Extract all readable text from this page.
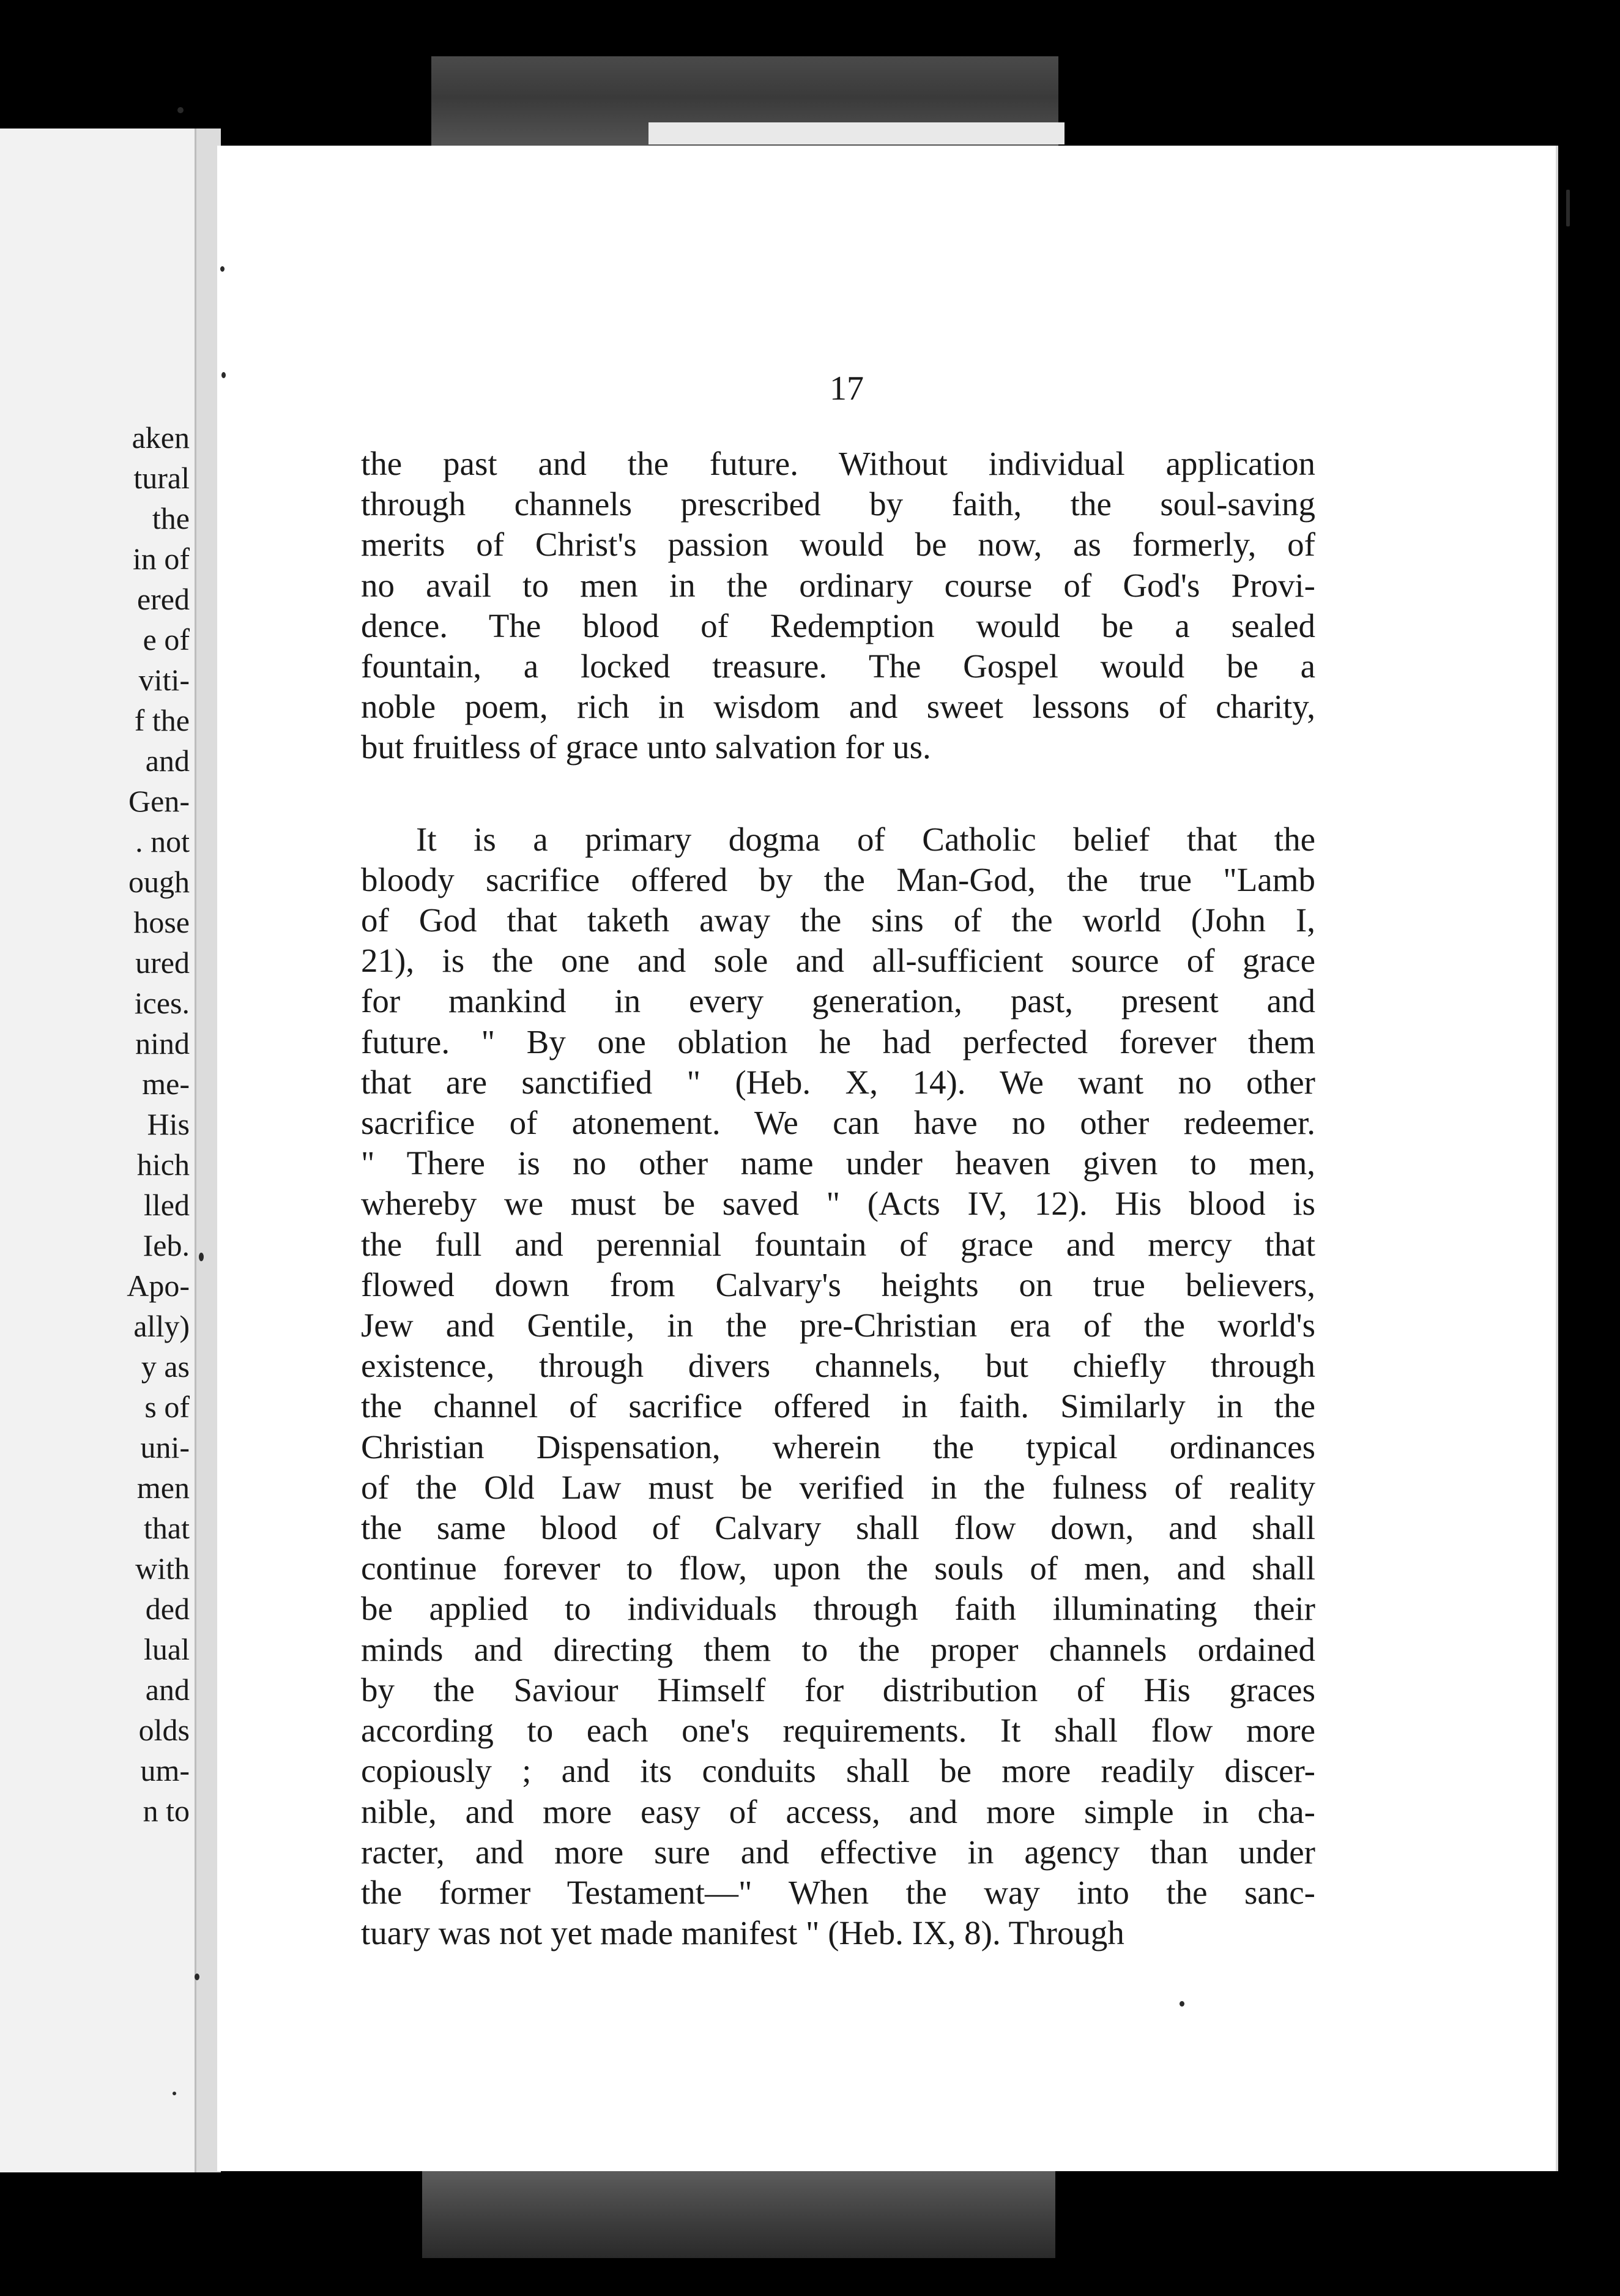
aken
tural
the
in of
ered
e of
viti-
f the
and
Gen-
. not
ough
hose
ured
ices.
nind
me-
His
hich
lled
Ieb.
Apo-
ally)
y as
s of
uni-
men
that
with
ded
lual
and
olds
um-
n to
17
the past and the future. Without individual application
through channels prescribed by faith, the soul-saving
merits of Christ's passion would be now, as formerly, of
no avail to men in the ordinary course of God's Provi-
dence. The blood of Redemption would be a sealed
fountain, a locked treasure. The Gospel would be a
noble poem, rich in wisdom and sweet lessons of charity,
but fruitless of grace unto salvation for us.
It is a primary dogma of Catholic belief that the
bloody sacrifice offered by the Man-God, the true "Lamb
of God that taketh away the sins of the world (John I,
21), is the one and sole and all-sufficient source of grace
for mankind in every generation, past, present and
future. " By one oblation he had perfected forever them
that are sanctified " (Heb. X, 14). We want no other
sacrifice of atonement. We can have no other redeemer.
" There is no other name under heaven given to men,
whereby we must be saved " (Acts IV, 12). His blood is
the full and perennial fountain of grace and mercy that
flowed down from Calvary's heights on true believers,
Jew and Gentile, in the pre-Christian era of the world's
existence, through divers channels, but chiefly through
the channel of sacrifice offered in faith. Similarly in the
Christian Dispensation, wherein the typical ordinances
of the Old Law must be verified in the fulness of reality
the same blood of Calvary shall flow down, and shall
continue forever to flow, upon the souls of men, and shall
be applied to individuals through faith illuminating their
minds and directing them to the proper channels ordained
by the Saviour Himself for distribution of His graces
according to each one's requirements. It shall flow more
copiously ; and its conduits shall be more readily discer-
nible, and more easy of access, and more simple in cha-
racter, and more sure and effective in agency than under
the former Testament—" When the way into the sanc-
tuary was not yet made manifest " (Heb. IX, 8). Through
